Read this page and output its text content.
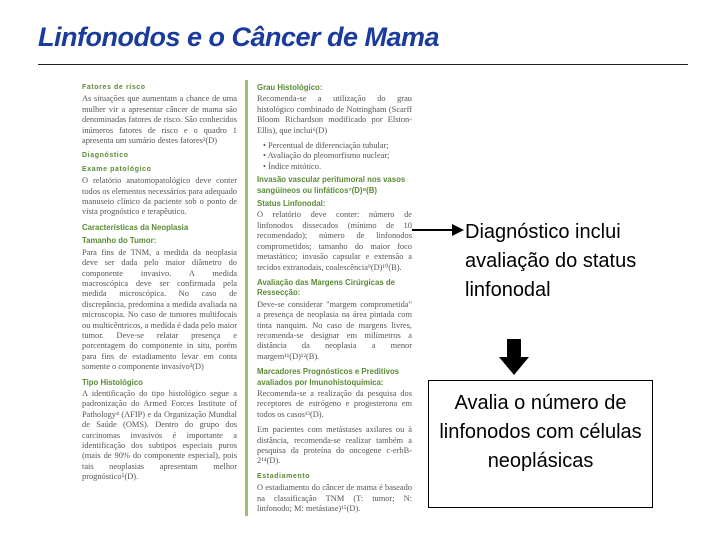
Linfonodos e o Câncer de Mama
Fatores de risco
As situações que aumentam a chance de uma mulher vir a apresentar câncer de mama são denominadas fatores de risco. São conhecidos inúmeros fatores de risco e o quadro 1 apresenta um sumário destes fatores²(D)
Diagnóstico
Exame patológico
O relatório anatomopatológico deve conter todos os elementos necessários para adequado manuseio clínico da paciente sob o ponto de vista prognóstico e terapêutico.
Características da Neoplasia
Tamanho do Tumor:
Para fins de TNM, a medida da neoplasia deve ser dada pelo maior diâmetro do componente invasivo. A medida macroscópica deve ser confirmada pela medida microscópica. No caso de discrepância, predomina a medida avaliada na microscopia. No caso de tumores multifocais ou multicêntricos, a medida é dada pelo maior tumor. Deve-se relatar presença e porcentagem do componente in situ, porém para fins de estadiamento levar em conta somente o componente invasivo³(D)
Tipo Histológico
A identificação do tipo histológico segue a padronização do Armed Forces Institute of Pathology⁴ (AFIP) e da Organização Mundial de Saúde (OMS). Dentro do grupo dos carcinomas invasivos é importante a identificação dos subtipos especiais puros (mais de 90% do componente especial), pois tais neoplasias apresentam melhor prognóstico⁵(D).
Grau Histológico:
Recomenda-se a utilização do grau histológico combinado de Nottingham (Scarff Bloom Richardson modificado por Elston-Ellis), que inclui⁶(D)
• Percentual de diferenciação tubular;
• Avaliação do pleomorfismo nuclear;
• Índice mitótico.
Invasão vascular peritumoral nos vasos sangüíneos ou linfáticos⁷(D)⁸(B)
Status Linfonodal:
O relatório deve conter: número de linfonodos dissecados (mínimo de 10 recomendado); número de linfonodos comprometidos; tamanho do maior foco metastático; invasão capsular e extensão a tecidos extranodais, coalescência⁹(D)¹⁰(B).
Avaliação das Margens Cirúrgicas de Ressecção:
Deve-se considerar "margem comprometida" a presença de neoplasia na área pintada com tinta nanquim. No caso de margens livres, recomenda-se designar em milímetros a distância da neoplasia a menor margem¹¹(D)¹²(B).
Marcadores Prognósticos e Preditivos avaliados por Imunohistoquímica:
Recomenda-se a realização da pesquisa dos receptores de estrógeno e progesterona em todos os casos¹³(D).
Em pacientes com metástases axilares ou à distância, recomenda-se realizar também a pesquisa da proteína do oncogene c-erbB-2¹⁴(D).
Estadiamento
O estadiamento do câncer de mama é baseado na classificação TNM (T: tumor; N: linfonodo; M: metástase)¹⁵(D).
Diagnóstico inclui avaliação do status linfonodal
Avalia o número de linfonodos com células neoplásicas
